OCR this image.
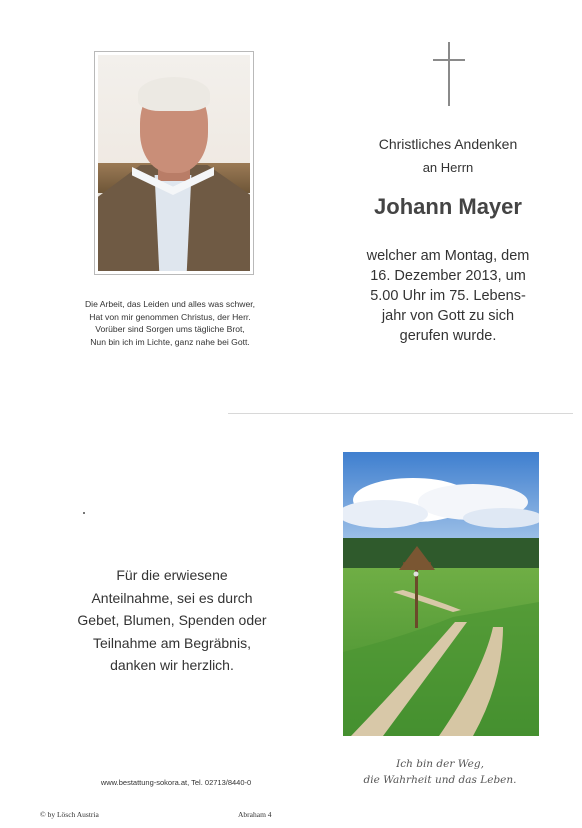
Die Arbeit, das Leiden und alles was schwer,
Hat von mir genommen Christus, der Herr.
Vorüber sind Sorgen ums tägliche Brot,
Nun bin ich im Lichte, ganz nahe bei Gott.
Christliches Andenken
an Herrn
Johann Mayer
welcher am Montag, dem
16. Dezember 2013, um
5.00 Uhr im 75. Lebens-
jahr von Gott zu sich
gerufen wurde.
Für die erwiesene
Anteilnahme, sei es durch
Gebet, Blumen, Spenden oder
Teilnahme am Begräbnis,
danken wir herzlich.
Ich bin der Weg,
die Wahrheit und das Leben.
www.bestattung-sokora.at, Tel. 02713/8440-0
© by Lösch Austria	Abraham 4
